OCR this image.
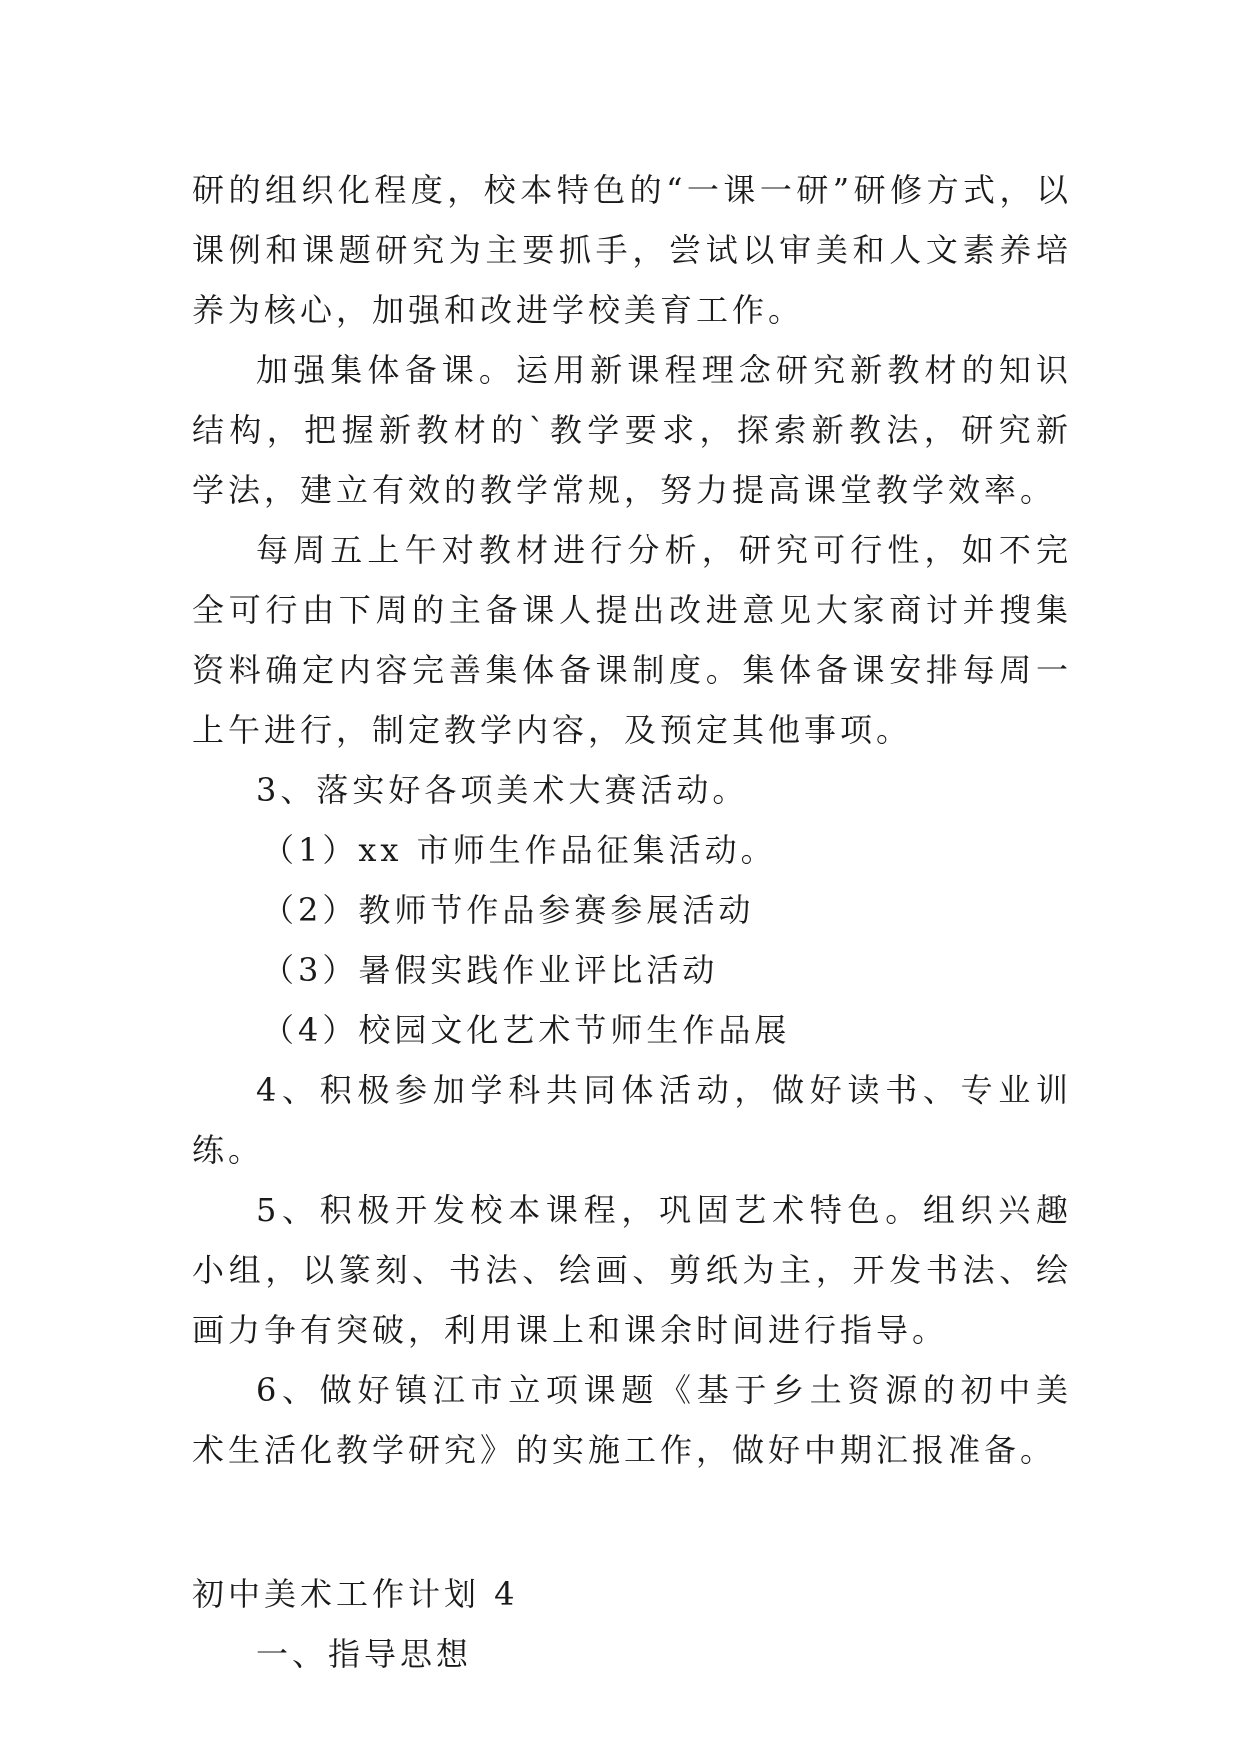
研的组织化程度，校本特色的“一课一研”研修方式，以课例和课题研究为主要抓手，尝试以审美和人文素养培养为核心，加强和改进学校美育工作。

加强集体备课。运用新课程理念研究新教材的知识结构，把握新教材的`教学要求，探索新教法，研究新学法，建立有效的教学常规，努力提高课堂教学效率。

每周五上午对教材进行分析，研究可行性，如不完全可行由下周的主备课人提出改进意见大家商讨并搜集资料确定内容完善集体备课制度。集体备课安排每周一上午进行，制定教学内容，及预定其他事项。

3、落实好各项美术大赛活动。

（1）xx 市师生作品征集活动。

（2）教师节作品参赛参展活动

（3）暑假实践作业评比活动

（4）校园文化艺术节师生作品展

4、积极参加学科共同体活动，做好读书、专业训练。

5、积极开发校本课程，巩固艺术特色。组织兴趣小组，以篆刻、书法、绘画、剪纸为主，开发书法、绘画力争有突破，利用课上和课余时间进行指导。

6、做好镇江市立项课题《基于乡土资源的初中美术生活化教学研究》的实施工作，做好中期汇报准备。

初中美术工作计划 4

一、指导思想
